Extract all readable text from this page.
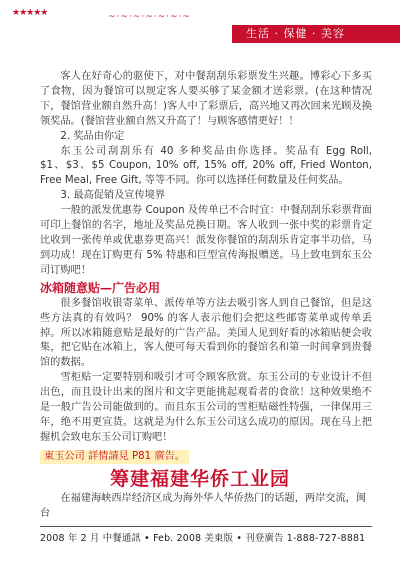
★★★★★	~·~·~·~·~·~·~
生活 · 保健 · 美容

客人在好奇心的驱使下，对中餐刮刮乐彩票发生兴趣。博彩心下多买了食物，因为餐馆可以规定客人要买够了某金额才送彩票。(在这种情况下，餐馆营业额自然升高！)客人中了彩票后，高兴地又再次回来光顾及换领奖品。(餐馆营业额自然又升高了！与顾客感情更好！！

2. 奖品由你定

东玉公司刮刮乐有 40 多种奖品由你选择。奖品有 Egg Roll, $1、$3、$5 Coupon, 10% off, 15% off, 20% off, Fried Wonton, Free Meal, Free Gift, 等等不同。你可以选择任何数量及任何奖品。

3. 最高促销及宣传境界

一般的派发优惠券 Coupon 及传单已不合时宜：中餐刮刮乐彩票背面可印上餐馆的名字，地址及奖品兑换日期。客人收到一张中奖的彩票肯定比收到一张传单或优惠券更高兴！派发你餐馆的刮刮乐肯定事半功倍，马到功成！现在订购更有 5% 特惠和巨型宣传海报赠送。马上致电到东玉公司订购吧！

冰箱随意贴—广告必用

很多餐馆收银寄菜单、派传单等方法去吸引客人到自己餐馆，但是这些方法真的有效吗？ 90% 的客人表示他们会把这些邮寄菜单或传单丢掉。所以冰箱随意贴是最好的广告产品。美国人见到好看的冰箱贴便会收集，把它贴在冰箱上，客人便可每天看到你的餐馆名和第一时间拿到贵餐馆的数据。

雪柜贴一定要特别和吸引才可令顾客欣赏。东玉公司的专业设计不但出色，而且设计出来的图片和文字更能挑起观看者的食欲！这种效果绝不是一般广告公司能做到的。而且东玉公司的雪柜贴磁性特强，一律保用三年，绝不用更宣货。这就是为什么东玉公司这么成功的原因。现在马上把握机会致电东玉公司订购吧！

東玉公司 詳情請見 P81 廣告。
筹建福建华侨工业园
在福建海峡西岸经济区成为海外华人华侨热门的话题，两岸交流，闽台
2008 年 2 月 中餐通訊 • Feb. 2008 美東版 • 刊登廣告 1-888-727-8881
